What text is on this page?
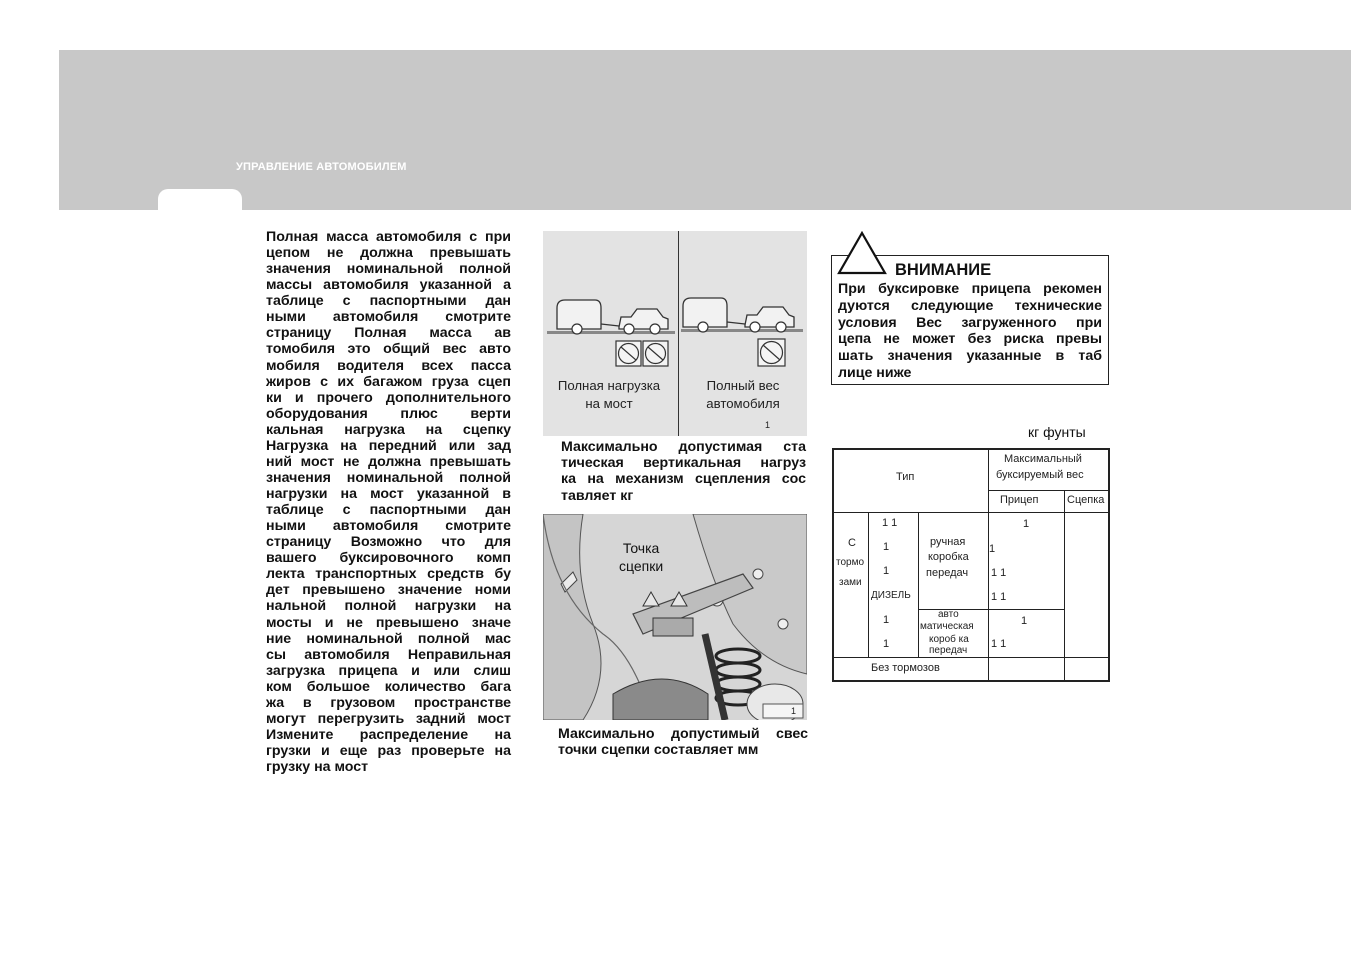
УПРАВЛЕНИЕ АВТОМОБИЛЕМ
Полная масса автомобиля с при
цепом не должна превышать
значения номинальной полной
массы автомобиля указанной а
таблице с паспортными дан
ными автомобиля смотрите
страницу Полная масса ав
томобиля это общий вес авто
мобиля водителя всех пасса
жиров с их багажом груза сцеп
ки и прочего дополнительного
оборудования плюс верти
кальная нагрузка на сцепку
Нагрузка на передний или зад
ний мост не должна превышать
значения номинальной полной
нагрузки на мост указанной в
таблице с паспортными дан
ными автомобиля смотрите
страницу Возможно что для
вашего буксировочного комп
лекта транспортных средств бу
дет превышено значение номи
нальной полной нагрузки на
мосты и не превышено значе
ние номинальной полной мас
сы автомобиля Неправильная
загрузка прицепа и или слиш
ком большое количество бага
жа в грузовом пространстве
могут перегрузить задний мост
Измените распределение на
грузки и еще раз проверьте на
грузку на мост
Полная нагрузка
на мост
Полный вес
автомобиля
1
Максимально допустимая ста
тическая вертикальная нагруз
ка на механизм сцепления сос
тавляет кг
Точка
сцепки
1
Максимально допустимый свес
точки сцепки составляет мм
ВНИМАНИЕ
При буксировке прицепа рекомен
дуются следующие технические
условия Вес загруженного при
цепа не может без риска превы
шать значения указанные в таб
лице ниже
кг фунты
Тип
Максимальный
буксируемый вес
Прицеп	Сцепка
С
тормо
зами
1 1
1
1
ДИЗЕЛЬ
1
1
ручная
коробка
передач
авто
матическая
короб ка
передач
1
1
1 1
1 1
1
1 1
Без тормозов
